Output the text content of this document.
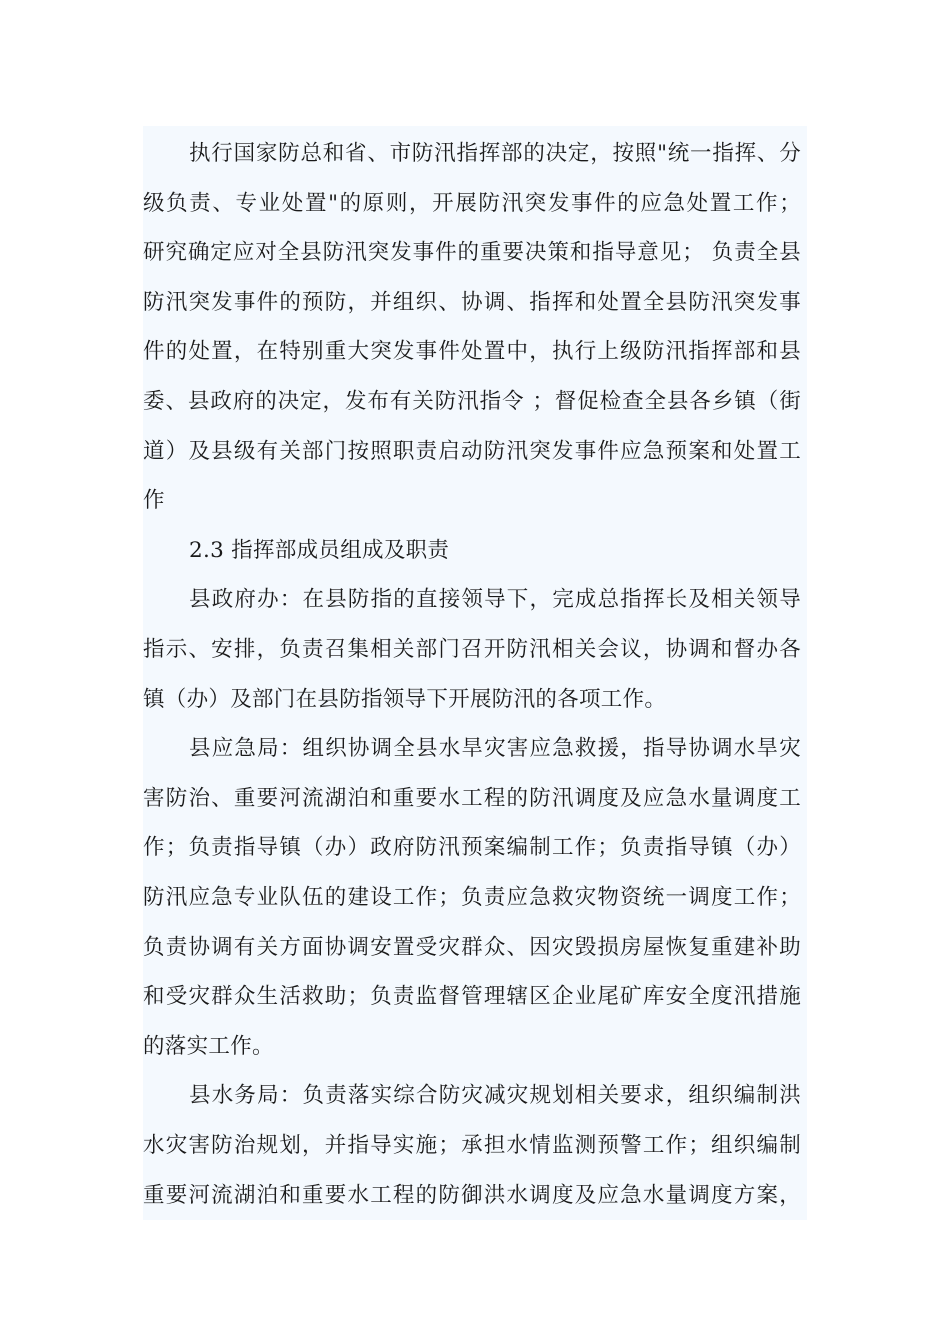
执行国家防总和省、市防汛指挥部的决定，按照"统一指挥、分
级负责、专业处置"的原则，开展防汛突发事件的应急处置工作；
研究确定应对全县防汛突发事件的重要决策和指导意见； 负责全县
防汛突发事件的预防，并组织、协调、指挥和处置全县防汛突发事
件的处置，在特别重大突发事件处置中，执行上级防汛指挥部和县
委、县政府的决定，发布有关防汛指令 ；督促检查全县各乡镇（街
道）及县级有关部门按照职责启动防汛突发事件应急预案和处置工
作
2.3 指挥部成员组成及职责
县政府办：在县防指的直接领导下，完成总指挥长及相关领导
指示、安排，负责召集相关部门召开防汛相关会议，协调和督办各
镇（办）及部门在县防指领导下开展防汛的各项工作。
县应急局：组织协调全县水旱灾害应急救援，指导协调水旱灾
害防治、重要河流湖泊和重要水工程的防汛调度及应急水量调度工
作；负责指导镇（办）政府防汛预案编制工作；负责指导镇（办）
防汛应急专业队伍的建设工作；负责应急救灾物资统一调度工作；
负责协调有关方面协调安置受灾群众、因灾毁损房屋恢复重建补助
和受灾群众生活救助；负责监督管理辖区企业尾矿库安全度汛措施
的落实工作。
县水务局：负责落实综合防灾减灾规划相关要求，组织编制洪
水灾害防治规划，并指导实施；承担水情监测预警工作；组织编制
重要河流湖泊和重要水工程的防御洪水调度及应急水量调度方案，
